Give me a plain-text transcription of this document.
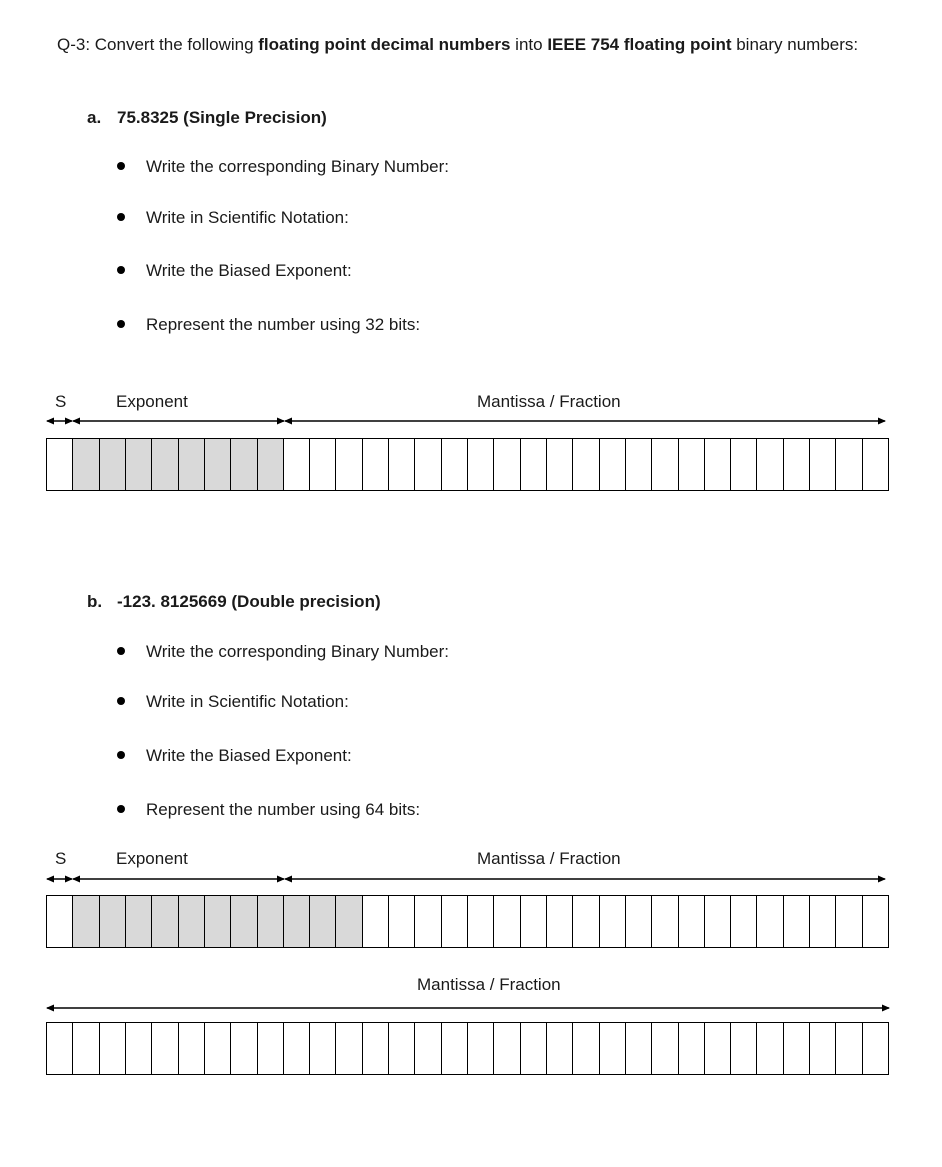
Q-3: Convert the following floating point decimal numbers into IEEE 754 floating point binary numbers:
a. 75.8325 (Single Precision)
Write the corresponding Binary Number:
Write in Scientific Notation:
Write the Biased Exponent:
Represent the number using 32 bits:
S	Exponent	Mantissa / Fraction
b. -123. 8125669 (Double precision)
Write the corresponding Binary Number:
Write in Scientific Notation:
Write the Biased Exponent:
Represent the number using 64 bits:
S	Exponent	Mantissa / Fraction
Mantissa / Fraction
